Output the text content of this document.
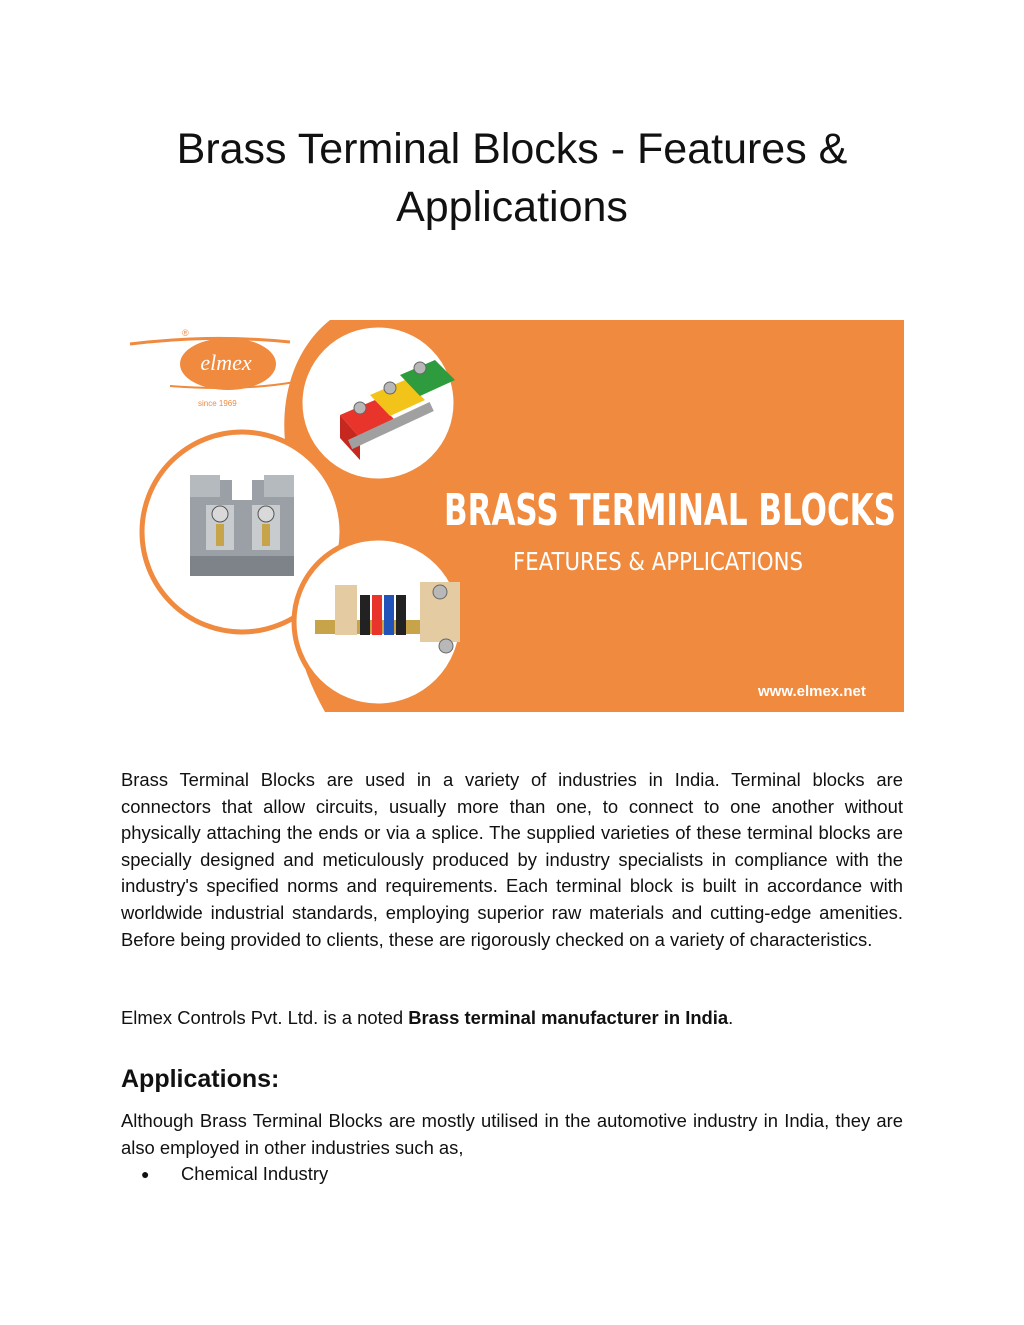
Brass Terminal Blocks - Features &
Applications
elmex
®
since 1969
BRASS TERMINAL BLOCKS
FEATURES & APPLICATIONS
www.elmex.net

Brass Terminal Blocks are used in a variety of industries in India. Terminal blocks are connectors that allow circuits, usually more than one, to connect to one another without physically attaching the ends or via a splice. The supplied varieties of these terminal blocks are specially designed and meticulously produced by industry specialists in compliance with the industry's specified norms and requirements. Each terminal block is built in accordance with worldwide industrial standards, employing superior raw materials and cutting-edge amenities. Before being provided to clients, these are rigorously checked on a variety of characteristics.

Elmex Controls Pvt. Ltd. is a noted Brass terminal manufacturer in India.

Applications:

Although Brass Terminal Blocks are mostly utilised in the automotive industry in India, they are also employed in other industries such as,

● Chemical Industry
